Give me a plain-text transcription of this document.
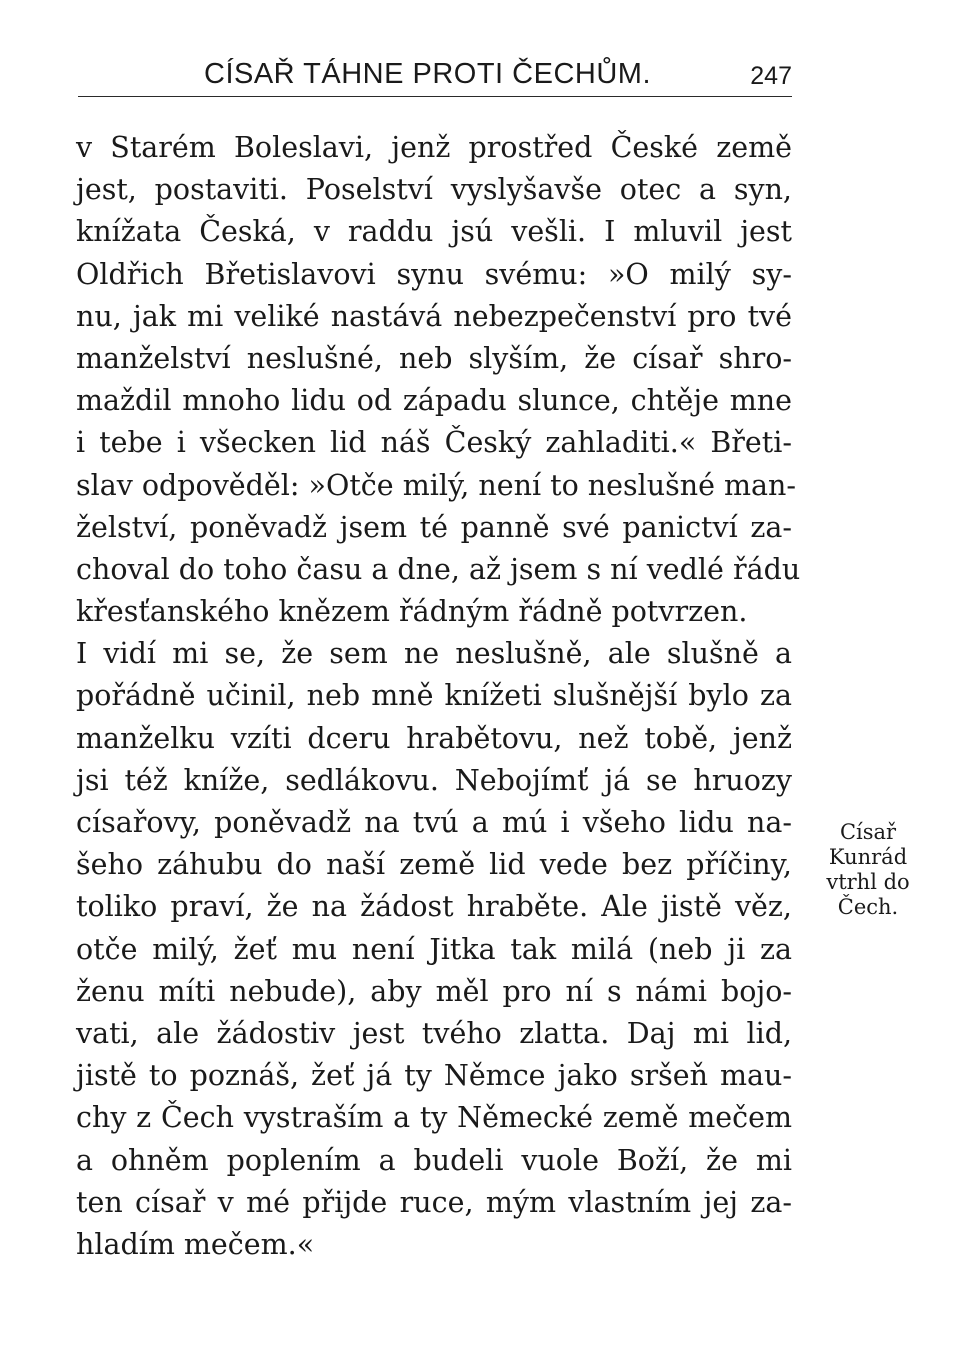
CÍSAŘ TÁHNE PROTI ČECHŮM.	247
v Starém Boleslavi, jenž prostřed České země
jest, postaviti. Poselství vyslyšavše otec a syn,
knížata Česká, v raddu jsú vešli. I mluvil jest
Oldřich Břetislavovi synu svému: »O milý sy-
nu, jak mi veliké nastává nebezpečenství pro tvé
manželství neslušné, neb slyším, že císař shro-
maždil mnoho lidu od západu slunce, chtěje mne
i tebe i všecken lid náš Český zahladiti.« Břeti-
slav odpověděl: »Otče milý, není to neslušné man-
želství, poněvadž jsem té panně své panictví za-
choval do toho času a dne, až jsem s ní vedlé řádu
křesťanského knězem řádným řádně potvrzen.
I vidí mi se, že sem ne neslušně, ale slušně a
pořádně učinil, neb mně knížeti slušnější bylo za
manželku vzíti dceru hrabětovu, než tobě, jenž
jsi též kníže, sedlákovu. Nebojímť já se hruozy
císařovy, poněvadž na tvú a mú i všeho lidu na-
šeho záhubu do naší země lid vede bez příčiny,
toliko praví, že na žádost hraběte. Ale jistě věz,
otče milý, žeť mu není Jitka tak milá (neb ji za
ženu míti nebude), aby měl pro ní s námi bojo-
vati, ale žádostiv jest tvého zlatta. Daj mi lid,
jistě to poznáš, žeť já ty Němce jako sršeň mau-
chy z Čech vystraším a ty Německé země mečem
a ohněm poplením a budeli vuole Boží, že mi
ten císař v mé přijde ruce, mým vlastním jej za-
hladím mečem.«
Císař
Kunrád
vtrhl do
Čech.
